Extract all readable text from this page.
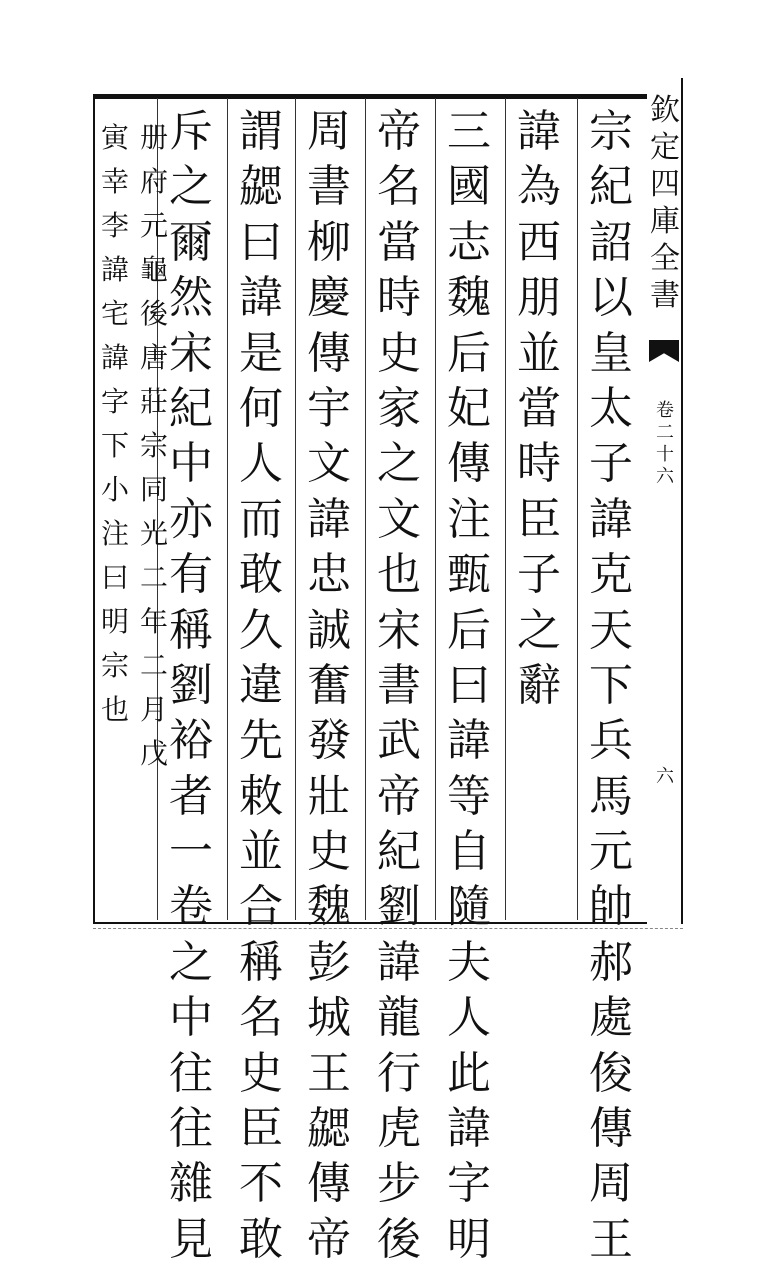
欽
定
四
庫
全
書
卷
二
十
六
六
宗
紀
詔
以
皇
太
子
諱
克
天
下
兵
馬
元
帥
郝
處
俊
傳
周
王
諱
為
西
朋
並
當
時
臣
子
之
辭
三
國
志
魏
后
妃
傳
注
甄
后
曰
諱
等
自
隨
夫
人
此
諱
字
明
帝
名
當
時
史
家
之
文
也
宋
書
武
帝
紀
劉
諱
龍
行
虎
步
後
周
書
柳
慶
傳
宇
文
諱
忠
誠
奮
發
壯
史
魏
彭
城
王
勰
傳
帝
謂
勰
曰
諱
是
何
人
而
敢
久
違
先
敕
並
合
稱
名
史
臣
不
敢
斥
之
爾
然
宋
紀
中
亦
有
稱
劉
裕
者
一
卷
之
中
往
往
雜
見
册
府
元
龜
後
唐
莊
宗
同
光
二
年
二
月
戊
寅
幸
李
諱
宅
諱
字
下
小
注
曰
明
宗
也
